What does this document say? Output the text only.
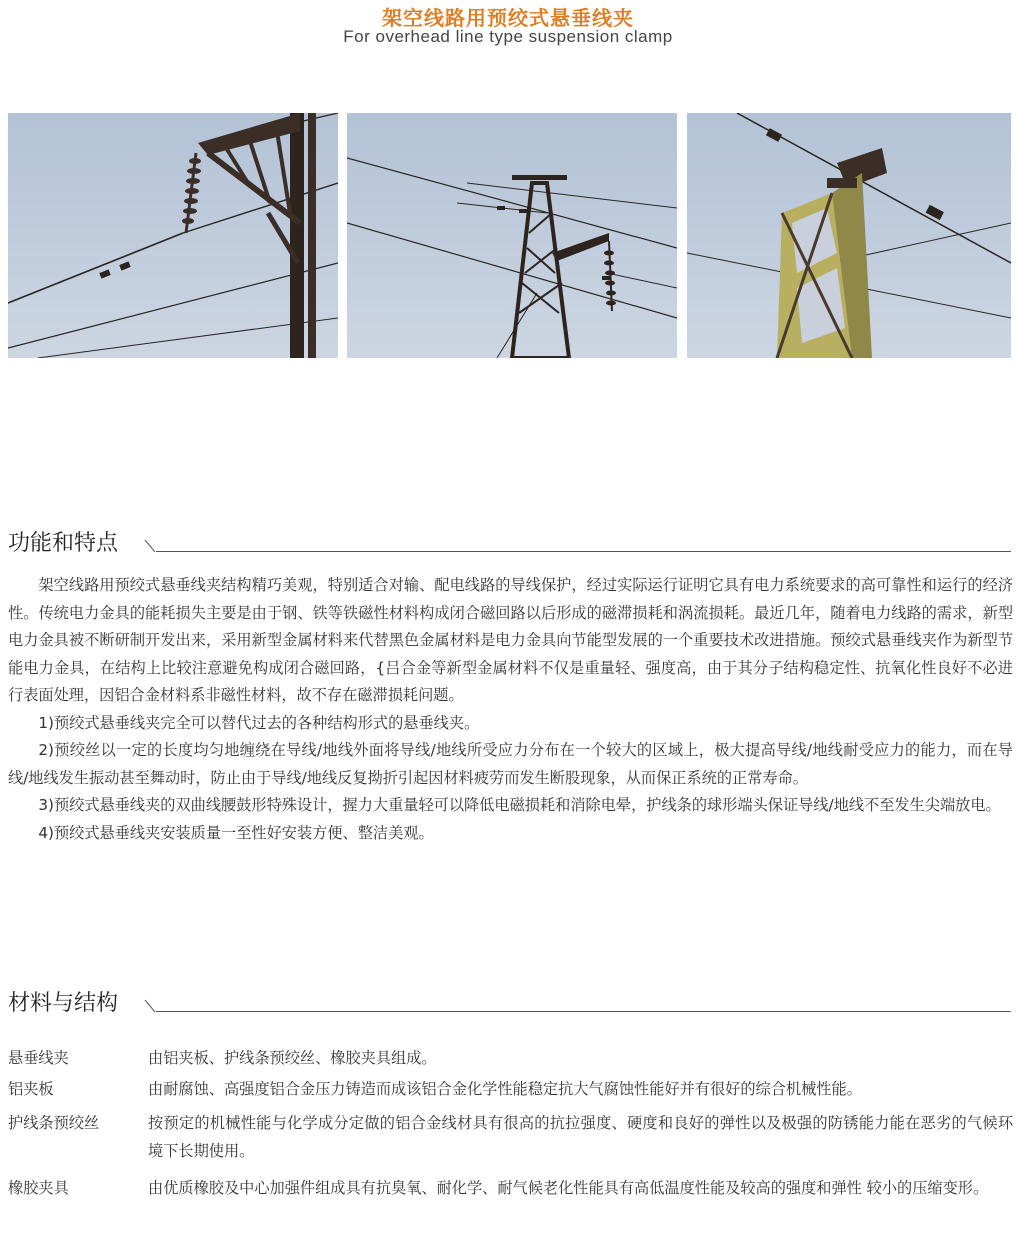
架空线路用预绞式悬垂线夹
For overhead line type suspension clamp
功能和特点

架空线路用预绞式悬垂线夹结构精巧美观，特别适合对输、配电线路的导线保护，经过实际运行证明它具有电力系统要求的高可靠性和运行的经济性。传统电力金具的能耗损失主要是由于钢、铁等铁磁性材料构成闭合磁回路以后形成的磁滞损耗和涡流损耗。最近几年，随着电力线路的需求，新型电力金具被不断研制开发出来，采用新型金属材料来代替黑色金属材料是电力金具向节能型发展的一个重要技术改进措施。预绞式悬垂线夹作为新型节能电力金具，在结构上比较注意避免构成闭合磁回路，{吕合金等新型金属材料不仅是重量轻、强度高，由于其分子结构稳定性、抗氧化性良好不必进行表面处理，因铝合金材料系非磁性材料，故不存在磁滞损耗问题。

1)预绞式悬垂线夹完全可以替代过去的各种结构形式的悬垂线夹。

2)预绞丝以一定的长度均匀地缠绕在导线/地线外面将导线/地线所受应力分布在一个较大的区域上，极大提高导线/地线耐受应力的能力，而在导线/地线发生振动甚至舞动时，防止由于导线/地线反复拗折引起因材料疲劳而发生断股现象，从而保正系统的正常寿命。

3)预绞式悬垂线夹的双曲线腰鼓形特殊设计，握力大重量轻可以降低电磁损耗和消除电晕，护线条的球形端头保证导线/地线不至发生尖端放电。

4)预绞式悬垂线夹安装质量一至性好安装方便、整洁美观。

材料与结构
悬垂线夹	由铝夹板、护线条预绞丝、橡胶夹具组成。
铝夹板	由耐腐蚀、高强度铝合金压力铸造而成该铝合金化学性能稳定抗大气腐蚀性能好并有很好的综合机械性能。
护线条预绞丝	按预定的机械性能与化学成分定做的铝合金线材具有很高的抗拉强度、硬度和良好的弹性以及极强的防锈能力能在恶劣的气候环境下长期使用。
橡胶夹具	由优质橡胶及中心加强件组成具有抗臭氧、耐化学、耐气候老化性能具有高低温度性能及较高的强度和弹性 较小的压缩变形。
